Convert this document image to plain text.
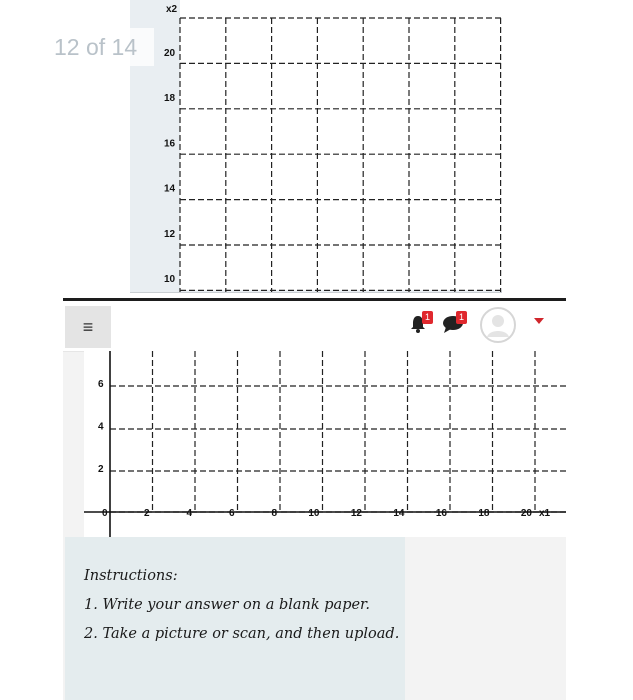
x2
20
18
16
14
12
10
12 of 14
≡	1	1
6
4
2
0	2	4	6	8	10	12	14	16	18	20 x1

Instructions:

1. Write your answer on a blank paper.

2. Take a picture or scan, and then upload.
